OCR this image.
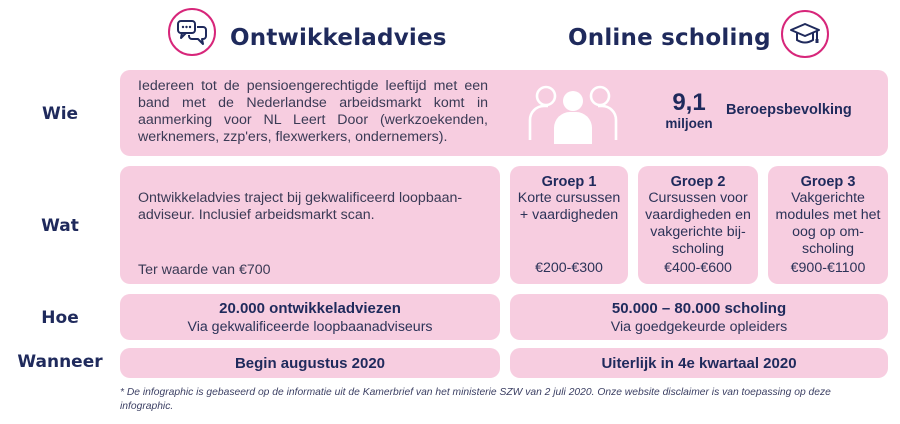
Ontwikkeladvies	Online scholing
Wie
Wat
Hoe
Wanneer
Iedereen tot de pensioengerechtigde leeftijd met een band met de Nederlandse arbeidsmarkt komt in aanmerking voor NL Leert Door (werkzoekenden, werknemers, zzp'ers, flexwerkers, ondernemers).
9,1
miljoen
Beroepsbevolking
Ontwikkeladvies traject bij gekwalificeerd loopbaan-adviseur. Inclusief arbeidsmarkt scan.
Ter waarde van €700
Groep 1
Korte cursussen + vaardigheden
€200-€300
Groep 2
Cursussen voor vaardigheden en vakgerichte bij-scholing
€400-€600
Groep 3
Vakgerichte modules met het oog op om-scholing
€900-€1100
20.000 ontwikkeladviezen
Via gekwalificeerde loopbaanadviseurs
50.000 – 80.000 scholing
Via goedgekeurde opleiders
Begin augustus 2020	Uiterlijk in 4e kwartaal 2020
* De infographic is gebaseerd op de informatie uit de Kamerbrief van het ministerie SZW van 2 juli 2020. Onze website disclaimer is van toepassing op deze infographic.
